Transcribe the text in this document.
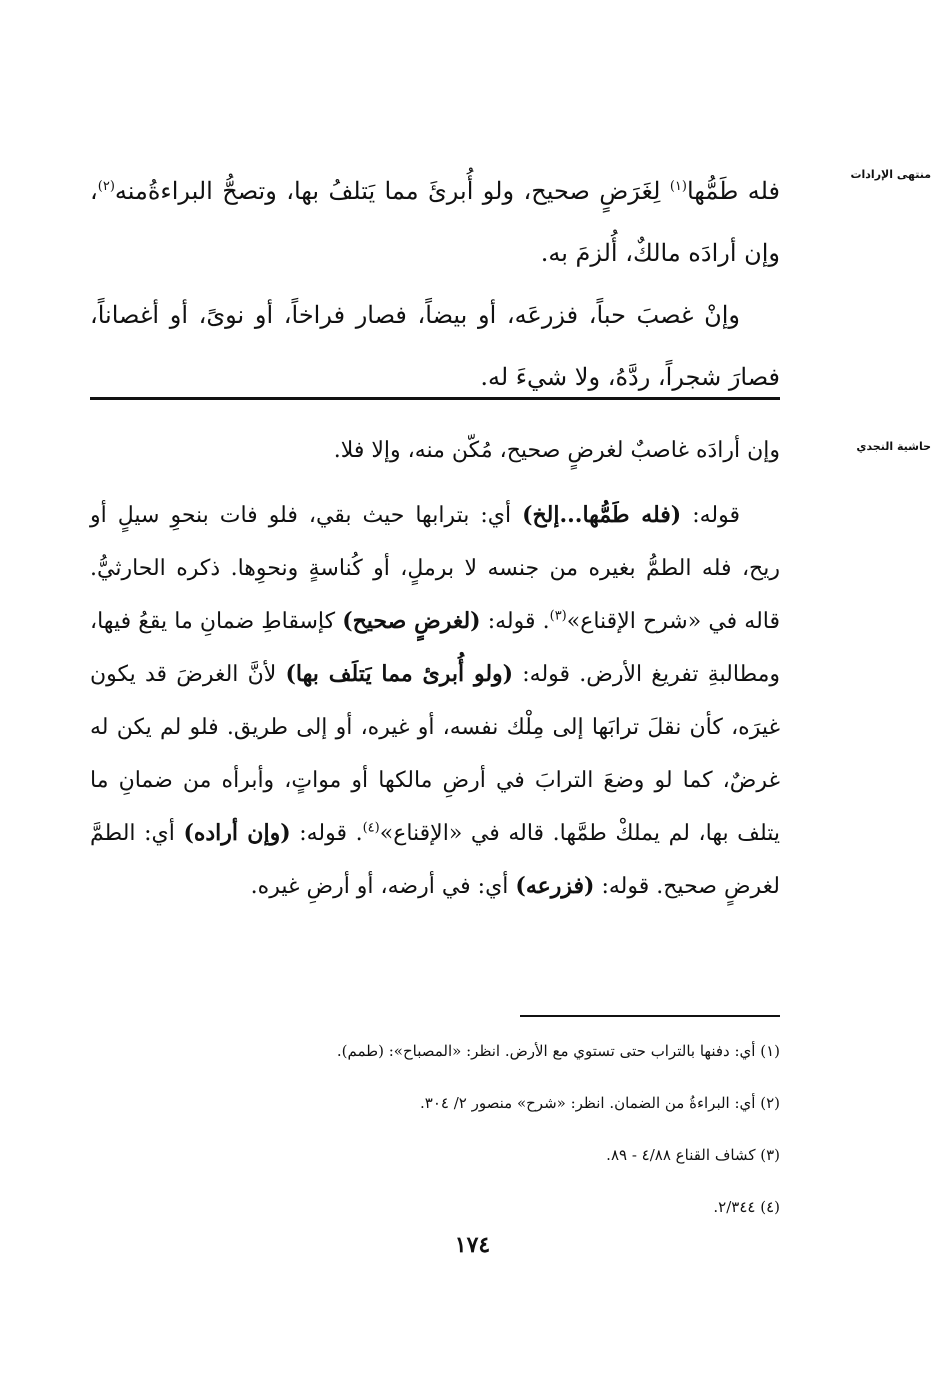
منتهى الإرادات

فله طَمُّها$^{(١)}$ لِغَرَضٍ صحيح، ولو أُبرئَ مما يَتلفُ بها، وتصحُّ البراءةُمنه$^{(٢)}$، وإن أرادَه مالكٌ، أُلزمَ به.

وإنْ غصبَ حباً، فزرعَه، أو بيضاً، فصار فراخاً، أو نوىً، أو أغصاناً، فصارَ شجراً، ردَّهُ، ولا شيءَ له.

حاشية النجدي

وإن أرادَه غاصبٌ لغرضٍ صحيح، مُكّن منه، وإلا فلا.

قوله: (فله طَمُّها...إلخ) أي: بترابها حيث بقي، فلو فات بنحوِ سيلٍ أو ريح، فله الطمُّ بغيره من جنسه لا برملٍ، أو كُناسةٍ ونحوِها. ذكره الحارثيُّ. قاله في «شرح الإقناع»$^{(٣)}$. قوله: (لغرضٍ صحيح) كإسقاطِ ضمانِ ما يقعُ فيها، ومطالبةِ تفريغ الأرض. قوله: (ولو أُبرئ مما يَتلَف بها) لأنَّ الغرضَ قد يكون غيرَه، كأن نقلَ ترابَها إلى مِلْك نفسه، أو غيره، أو إلى طريق. فلو لم يكن له غرضٌ، كما لو وضعَ الترابَ في أرضِ مالكها أو مواتٍ، وأبرأه من ضمانِ ما يتلف بها، لم يملكْ طمَّها. قاله في «الإقناع»$^{(٤)}$. قوله: (وإن أراده) أي: الطمَّ لغرضٍ صحيح. قوله: (فزرعه) أي: في أرضه، أو أرضِ غيره.

(١) أي: دفنها بالتراب حتى تستوي مع الأرض. انظر: «المصباح»: (طمم).

(٢) أي: البراءةُ من الضمان. انظر: «شرح» منصور ٢/ ٣٠٤.

(٣) كشاف القناع ٤/٨٨ - ٨٩.

(٤) ٢/٣٤٤.

١٧٤
